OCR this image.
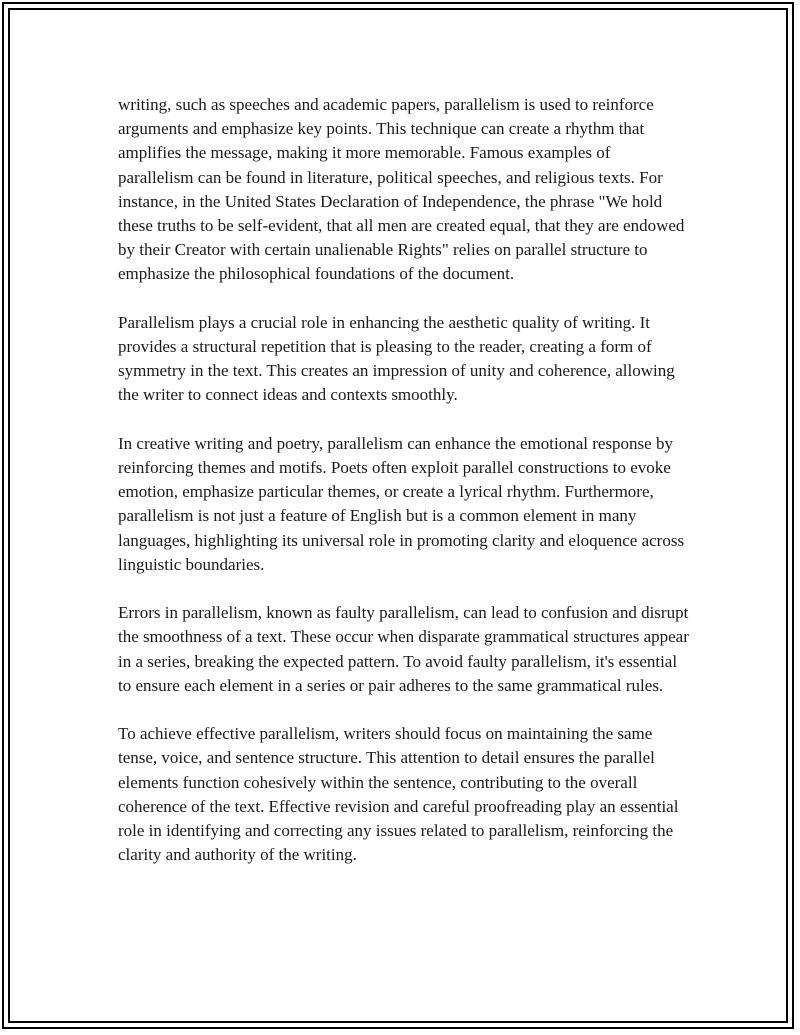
writing, such as speeches and academic papers, parallelism is used to reinforce arguments and emphasize key points. This technique can create a rhythm that amplifies the message, making it more memorable. Famous examples of parallelism can be found in literature, political speeches, and religious texts. For instance, in the United States Declaration of Independence, the phrase "We hold these truths to be self-evident, that all men are created equal, that they are endowed by their Creator with certain unalienable Rights" relies on parallel structure to emphasize the philosophical foundations of the document.

Parallelism plays a crucial role in enhancing the aesthetic quality of writing. It provides a structural repetition that is pleasing to the reader, creating a form of symmetry in the text. This creates an impression of unity and coherence, allowing the writer to connect ideas and contexts smoothly.

In creative writing and poetry, parallelism can enhance the emotional response by reinforcing themes and motifs. Poets often exploit parallel constructions to evoke emotion, emphasize particular themes, or create a lyrical rhythm. Furthermore, parallelism is not just a feature of English but is a common element in many languages, highlighting its universal role in promoting clarity and eloquence across linguistic boundaries.

Errors in parallelism, known as faulty parallelism, can lead to confusion and disrupt the smoothness of a text. These occur when disparate grammatical structures appear in a series, breaking the expected pattern. To avoid faulty parallelism, it's essential to ensure each element in a series or pair adheres to the same grammatical rules.

To achieve effective parallelism, writers should focus on maintaining the same tense, voice, and sentence structure. This attention to detail ensures the parallel elements function cohesively within the sentence, contributing to the overall coherence of the text. Effective revision and careful proofreading play an essential role in identifying and correcting any issues related to parallelism, reinforcing the clarity and authority of the writing.
